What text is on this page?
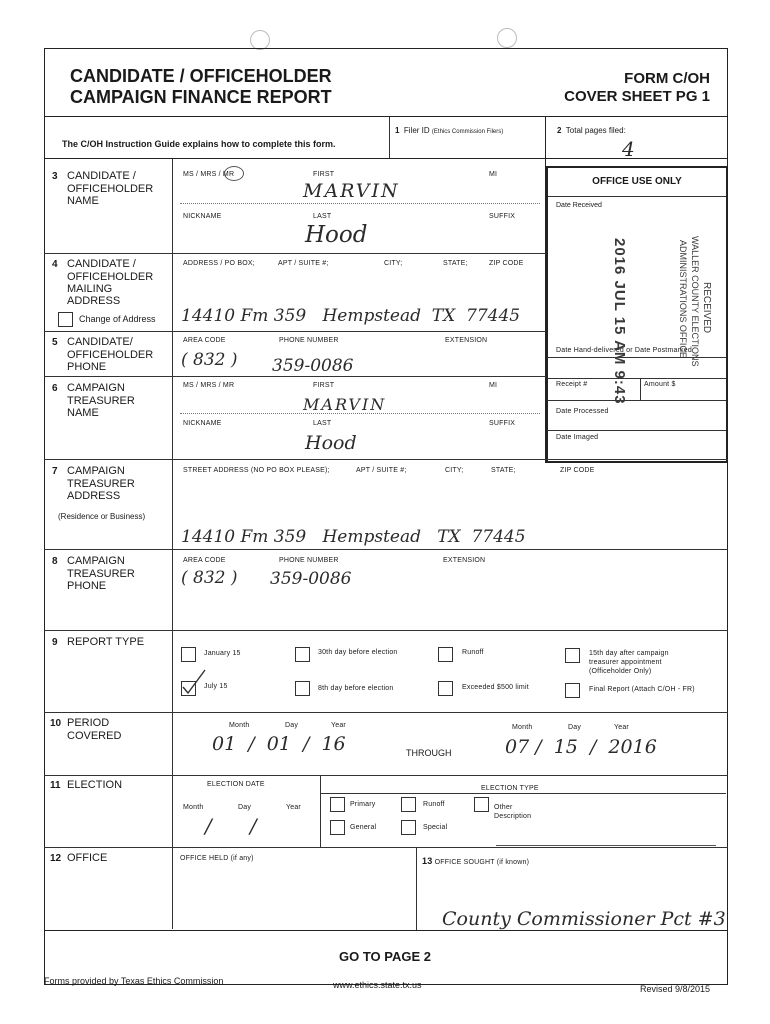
CANDIDATE / OFFICEHOLDER
CAMPAIGN FINANCE REPORT
FORM C/OH
COVER SHEET PG 1
The C/OH Instruction Guide explains how to complete this form.
1 Filer ID (Ethics Commission Filers)	2 Total pages filed:
4
OFFICE USE ONLY
Date Received
Date Hand-delivered or Date Postmarked
Receipt #	Amount $
Date Processed
Date Imaged
2016 JUL 15 AM 9:43	RECEIVED
WALLER COUNTY ELECTIONS
ADMINISTRATIONS OFFICE
3 CANDIDATE /

OFFICEHOLDER

NAME
MS / MRS / MR	FIRST	MI
MARVIN
NICKNAME	LAST	SUFFIX
Hood
4 CANDIDATE /

OFFICEHOLDER

MAILING

ADDRESS
Change of Address
ADDRESS / PO BOX;	APT / SUITE #;	CITY;	STATE;	ZIP CODE
14410 Fm 359   Hempstead  TX  77445
5 CANDIDATE/

OFFICEHOLDER

PHONE
AREA CODE	PHONE NUMBER	EXTENSION
( 832 ) 359-0086
6 CAMPAIGN

TREASURER

NAME
MS / MRS / MR	FIRST	MI
MARVIN
NICKNAME	LAST	SUFFIX
Hood
7 CAMPAIGN

TREASURER

ADDRESS
(Residence or Business)
STREET ADDRESS (NO PO BOX PLEASE);	APT / SUITE #;	CITY;	STATE;	ZIP CODE
14410 Fm 359   Hempstead   TX  77445
8 CAMPAIGN

TREASURER

PHONE
AREA CODE	PHONE NUMBER	EXTENSION
( 832 ) 359-0086
9 REPORT TYPE
January 15
July 15
30th day before election
8th day before election
Runoff
Exceeded $500 limit
15th day after campaign
treasurer appointment
(Officeholder Only)
Final Report (Attach C/OH - FR)
10 PERIOD

COVERED
Month	Day	Year
01  /  01  /  16	THROUGH
Month	Day	Year
07 /  15  /  2016
11 ELECTION	ELECTION DATE
Month	Day	Year
/      /
Primary
General
Runoff
Special
ELECTION TYPE
Other
Description
12 OFFICE	OFFICE HELD (if any)	13 OFFICE SOUGHT (if known)
County Commissioner Pct #3
GO TO PAGE 2
Forms provided by Texas Ethics Commission	www.ethics.state.tx.us	Revised 9/8/2015
